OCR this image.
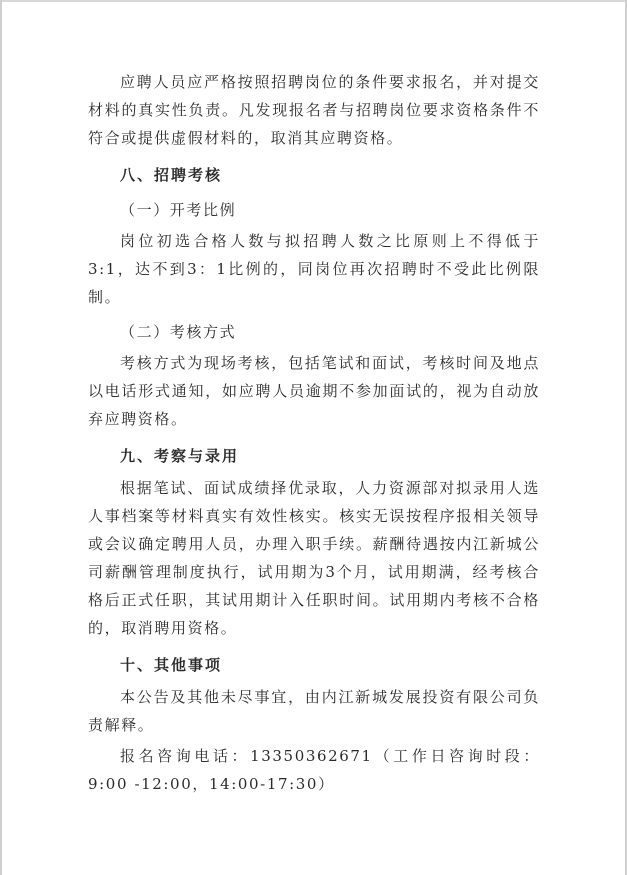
应聘人员应严格按照招聘岗位的条件要求报名，并对提交材料的真实性负责。凡发现报名者与招聘岗位要求资格条件不符合或提供虚假材料的，取消其应聘资格。

八、招聘考核

（一）开考比例

岗位初选合格人数与拟招聘人数之比原则上不得低于3:1，达不到3：1比例的，同岗位再次招聘时不受此比例限制。

（二）考核方式

考核方式为现场考核，包括笔试和面试，考核时间及地点以电话形式通知，如应聘人员逾期不参加面试的，视为自动放弃应聘资格。

九、考察与录用

根据笔试、面试成绩择优录取，人力资源部对拟录用人选人事档案等材料真实有效性核实。核实无误按程序报相关领导或会议确定聘用人员，办理入职手续。薪酬待遇按内江新城公司薪酬管理制度执行，试用期为3个月，试用期满，经考核合格后正式任职，其试用期计入任职时间。试用期内考核不合格的，取消聘用资格。

十、其他事项

本公告及其他未尽事宜，由内江新城发展投资有限公司负责解释。

报名咨询电话：13350362671（工作日咨询时段：9:00 -12:00，14:00-17:30）
